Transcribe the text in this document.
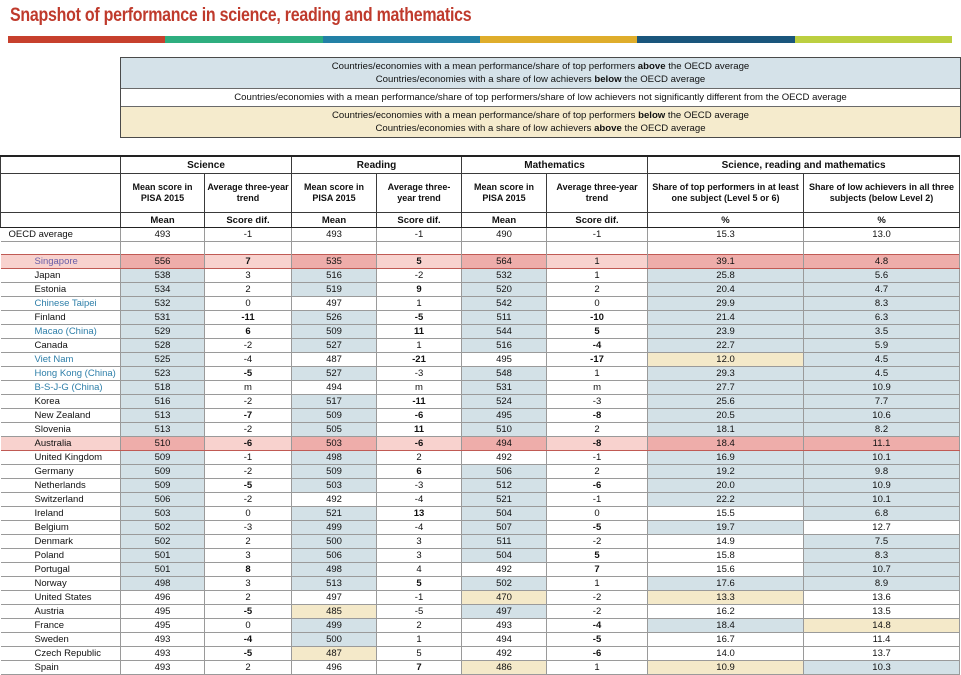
Snapshot of performance in science, reading and mathematics

Countries/economies with a mean performance/share of top performers above the OECD average

Countries/economies with a share of low achievers below the OECD average

Countries/economies with a mean performance/share of top performers/share of low achievers not significantly different from the OECD average

Countries/economies with a mean performance/share of top performers below the OECD average

Countries/economies with a share of low achievers above the OECD average

	Science		Reading		Mathematics		Science, reading and mathematics	
	Mean score in PISA 2015	Average three-year trend	Mean score in PISA 2015	Average three-year trend	Mean score in PISA 2015	Average three-year trend	Share of top performers in at least one subject (Level 5 or 6)	Share of low achievers in all three subjects (below Level 2)
	Mean	Score dif.	Mean	Score dif.	Mean	Score dif.	%	%
OECD average	493	-1	493	-1	490	-1	15.3	13.0

Singapore	556	7	535	5	564	1	39.1	4.8
Japan	538	3	516	-2	532	1	25.8	5.6
Estonia	534	2	519	9	520	2	20.4	4.7
Chinese Taipei	532	0	497	1	542	0	29.9	8.3
Finland	531	-11	526	-5	511	-10	21.4	6.3
Macao (China)	529	6	509	11	544	5	23.9	3.5
Canada	528	-2	527	1	516	-4	22.7	5.9
Viet Nam	525	-4	487	-21	495	-17	12.0	4.5
Hong Kong (China)	523	-5	527	-3	548	1	29.3	4.5
B-S-J-G (China)	518	m	494	m	531	m	27.7	10.9
Korea	516	-2	517	-11	524	-3	25.6	7.7
New Zealand	513	-7	509	-6	495	-8	20.5	10.6
Slovenia	513	-2	505	11	510	2	18.1	8.2
Australia	510	-6	503	-6	494	-8	18.4	11.1
United Kingdom	509	-1	498	2	492	-1	16.9	10.1
Germany	509	-2	509	6	506	2	19.2	9.8
Netherlands	509	-5	503	-3	512	-6	20.0	10.9
Switzerland	506	-2	492	-4	521	-1	22.2	10.1
Ireland	503	0	521	13	504	0	15.5	6.8
Belgium	502	-3	499	-4	507	-5	19.7	12.7
Denmark	502	2	500	3	511	-2	14.9	7.5
Poland	501	3	506	3	504	5	15.8	8.3
Portugal	501	8	498	4	492	7	15.6	10.7
Norway	498	3	513	5	502	1	17.6	8.9
United States	496	2	497	-1	470	-2	13.3	13.6
Austria	495	-5	485	-5	497	-2	16.2	13.5
France	495	0	499	2	493	-4	18.4	14.8
Sweden	493	-4	500	1	494	-5	16.7	11.4
Czech Republic	493	-5	487	5	492	-6	14.0	13.7
Spain	493	2	496	7	486	1	10.9	10.3
